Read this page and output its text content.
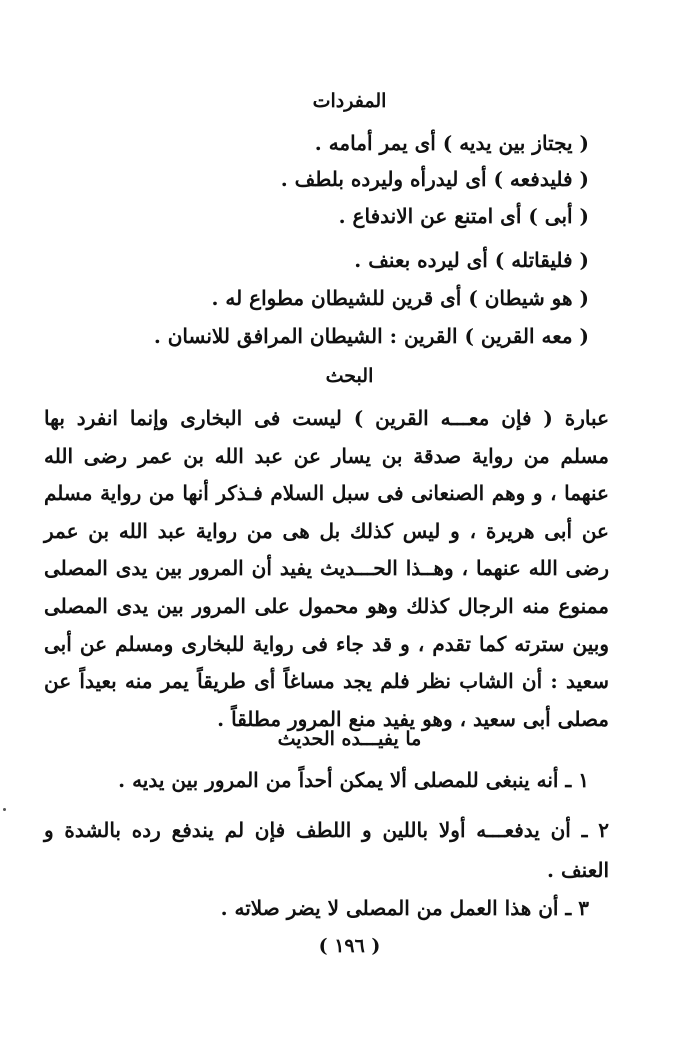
المفردات
( يجتاز بين يديه ) أى يمر أمامه .
( فليدفعه ) أى ليدرأه وليرده بلطف .
( أبى ) أى امتنع عن الاندفاع .
( فليقاتله ) أى ليرده بعنف .
( هو شيطان ) أى قرين للشيطان مطواع له .
( معه القرين ) القرين : الشيطان المرافق للانسان .
البحث
عبارة ( فإن معـــه القرين ) ليست فى البخارى وإنما انفرد بها مسلم من رواية صدقة بن يسار عن عبد الله بن عمر رضى الله عنهما ، و وهم الصنعانى فى سبل السلام فـذكر أنها من رواية مسلم عن أبى هريرة ، و ليس كذلك بل هى من رواية عبد الله بن عمر رضى الله عنهما ، وهــذا الحـــديث يفيد أن المرور بين يدى المصلى ممنوع منه الرجال كذلك وهو محمول على المرور بين يدى المصلى وبين سترته كما تقدم ، و قد جاء فى رواية للبخارى ومسلم عن أبى سعيد : أن الشاب نظر فلم يجد مساغاً أى طريقاً يمر منه بعيداً عن مصلى أبى سعيد ، وهو يفيد منع المرور مطلقاً .
ما يفيـــده الحديث
١ ـ أنه ينبغى للمصلى ألا يمكن أحداً من المرور بين يديه .
٢ ـ أن يدفعـــه أولا باللين و اللطف فإن لم يندفع رده بالشدة و العنف .
٣ ـ أن هذا العمل من المصلى لا يضر صلاته .
( ١٩٦ )
